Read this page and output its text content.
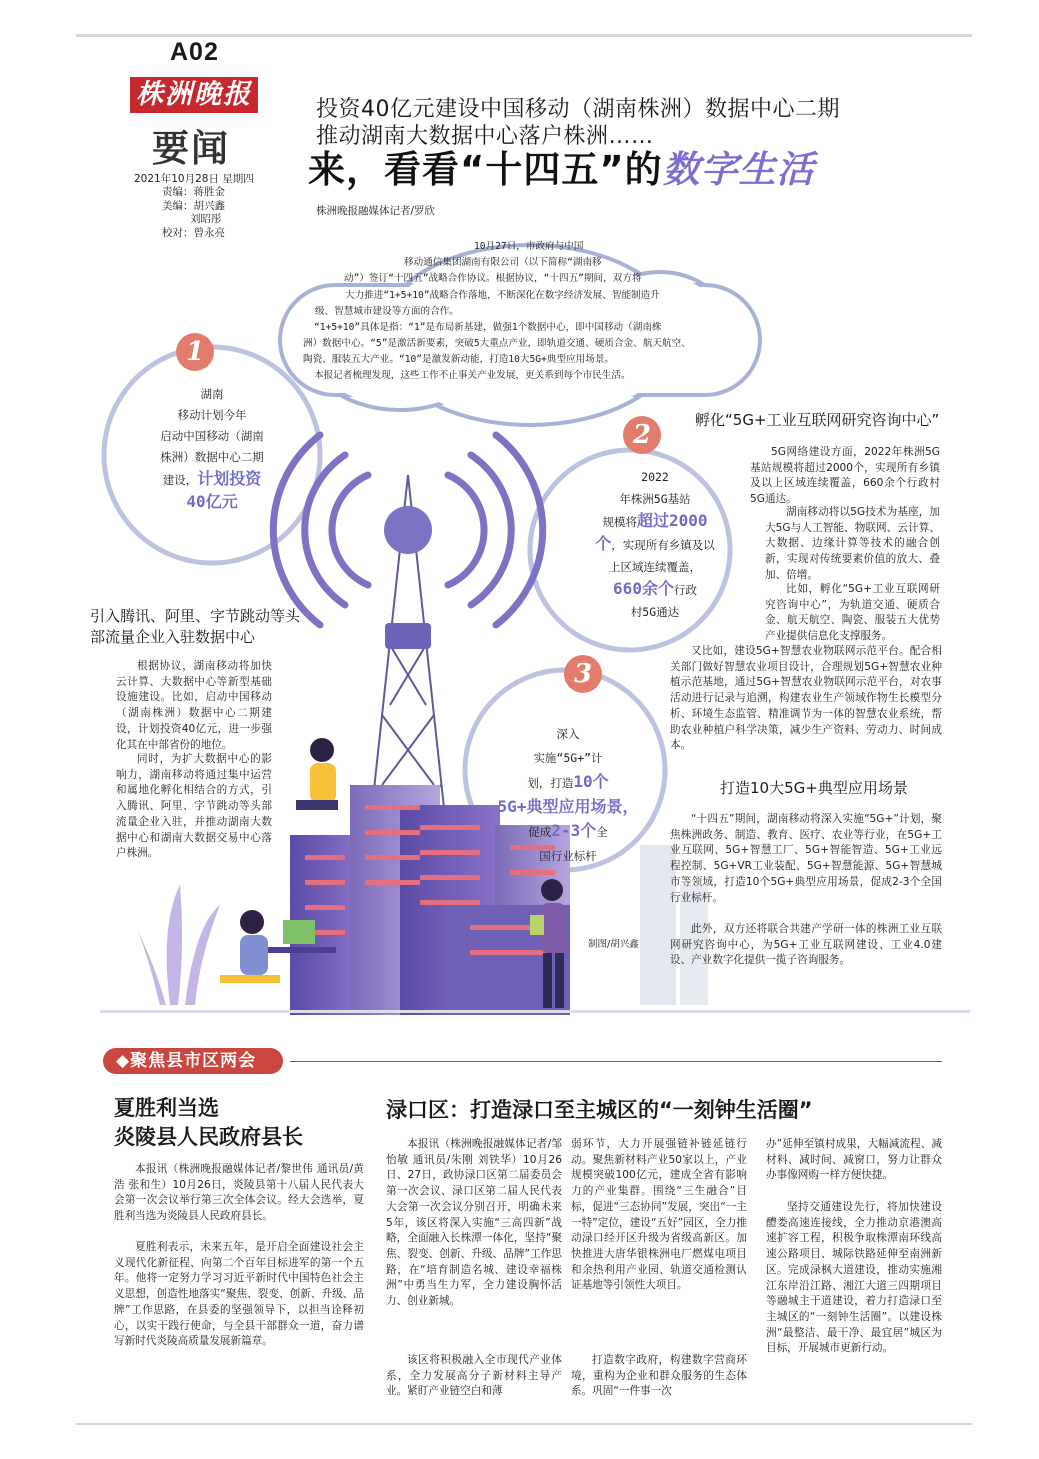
A02
株洲晚报
要闻
2021年10月28日 星期四
责编：蒋胜金
美编：胡兴鑫
刘昭彤
校对：曾永亮
投资40亿元建设中国移动（湖南株洲）数据中心二期
推动湖南大数据中心落户株洲……
来，看看“十四五”的数字生活
株洲晚报融媒体记者/罗欣
10月27日，市政府与中国
移动通信集团湖南有限公司（以下简称“湖南移
动”）签订“十四五”战略合作协议。根据协议，“十四五”期间，双方将
大力推进“1+5+10”战略合作落地，不断深化在数字经济发展、智能制造升
级、智慧城市建设等方面的合作。
“1+5+10”具体是指：“1”是布局新基建，做强1个数据中心，即中国移动（湖南株
洲）数据中心。“5”是激活新要素，突破5大重点产业，即轨道交通、硬质合金、航天航空、
陶瓷、服装五大产业。“10”是激发新动能，打造10大5G+典型应用场景。
本报记者梳理发现，这些工作不止事关产业发展，更关系到每个市民生活。
1
湖南
移动计划今年
启动中国移动（湖南
株洲）数据中心二期
建设，计划投资
40亿元
2
2022
年株洲5G基站
规模将超过2000
个，实现所有乡镇及以
上区域连续覆盖，
660余个行政
村5G通达
3
深入
实施“5G+”计
划，打造10个
5G+典型应用场景，
促成2-3个全
国行业标杆
引入腾讯、阿里、字节跳动等头
部流量企业入驻数据中心
根据协议，湖南移动将加快云计算、大数据中心等新型基础设施建设。比如，启动中国移动（湖南株洲）数据中心二期建设，计划投资40亿元，进一步强化其在中部省份的地位。
同时，为扩大数据中心的影响力，湖南移动将通过集中运营和属地化孵化相结合的方式，引入腾讯、阿里、字节跳动等头部流量企业入驻，并推动湖南大数据中心和湖南大数据交易中心落户株洲。
孵化“5G+工业互联网研究咨询中心”
5G网络建设方面，2022年株洲5G基站规模将超过2000个，实现所有乡镇及以上区域连续覆盖，660余个行政村5G通达。
湖南移动将以5G技术为基座，加大5G与人工智能、物联网、云计算、大数据、边缘计算等技术的融合创新，实现对传统要素价值的放大、叠加、倍增。
比如，孵化“5G+工业互联网研究咨询中心”，为轨道交通、硬质合金、航天航空、陶瓷、服装五大优势产业提供信息化支撑服务。
又比如，建设5G+智慧农业物联网示范平台。配合相关部门做好智慧农业项目设计，合理规划5G+智慧农业种植示范基地，通过5G+智慧农业物联网示范平台，对农事活动进行记录与追溯，构建农业生产领域作物生长模型分析、环境生态监管、精准调节为一体的智慧农业系统，帮助农业种植户科学决策，减少生产资料、劳动力、时间成本。
打造10大5G+典型应用场景
“十四五”期间，湖南移动将深入实施“5G+”计划，聚焦株洲政务、制造、教育、医疗、农业等行业，在5G+工业互联网、5G+智慧工厂、5G+智能智造、5G+工业远程控制、5G+VR工业装配、5G+智慧能源、5G+智慧城市等领域，打造10个5G+典型应用场景，促成2-3个全国行业标杆。
此外，双方还将联合共建产学研一体的株洲工业互联网研究咨询中心，为5G+工业互联网建设、工业4.0建设、产业数字化提供一揽子咨询服务。
制图/胡兴鑫
◆聚焦县市区两会
夏胜利当选
炎陵县人民政府县长
本报讯（株洲晚报融媒体记者/黎世伟 通讯员/黄浩 张和生）10月26日，炎陵县第十八届人民代表大会第一次会议举行第三次全体会议。经大会选举，夏胜利当选为炎陵县人民政府县长。
夏胜利表示，未来五年，是开启全面建设社会主义现代化新征程、向第二个百年目标进军的第一个五年。他将一定努力学习习近平新时代中国特色社会主义思想，创造性地落实“聚焦、裂变、创新、升级、品牌”工作思路，在县委的坚强领导下，以担当诠释初心，以实干践行使命，与全县干部群众一道，奋力谱写新时代炎陵高质量发展新篇章。
渌口区：打造渌口至主城区的“一刻钟生活圈”
本报讯（株洲晚报融媒体记者/邹怡敏 通讯员/朱刚 刘铁华）10月26日、27日，政协渌口区第二届委员会第一次会议、渌口区第二届人民代表大会第一次会议分别召开，明确未来5年，该区将深入实施“三高四新”战略，全面融入长株潭一体化，坚持“聚焦、裂变、创新、升级、品牌”工作思路，在“培育制造名城、建设幸福株洲”中勇当生力军，全力建设胸怀活力、创业新城。
该区将积极融入全市现代产业体系，全力发展高分子新材料主导产业。紧盯产业链空白和薄
弱环节，大力开展强链补链延链行动。聚焦新材料产业50家以上，产业规模突破100亿元，建成全省有影响力的产业集群。围绕“三生融合”目标，促进“三态协同”发展，突出“一主一特”定位，建设“五好”园区，全力推动渌口经开区升级为省级高新区。加快推进大唐华银株洲电厂燃煤电项目和余热利用产业园、轨道交通检测认证基地等引领性大项目。
打造数字政府，构建数字营商环境，重构为企业和群众服务的生态体系。巩固“一件事一次
办”延伸至镇村成果，大幅减流程、减材料、减时间、减窗口，努力让群众办事像网购一样方便快捷。
坚持交通建设先行，将加快建设醴娄高速连接线，全力推动京港澳高速扩容工程，积极争取株潭南环线高速公路项目、城际铁路延伸至南洲新区。完成渌枫大道建设，推动实施湘江东岸沿江路、湘江大道三四期项目等融城主干道建设，着力打造渌口至主城区的“一刻钟生活圈”。以建设株洲“最整洁、最干净、最宜居”城区为目标，开展城市更新行动。
